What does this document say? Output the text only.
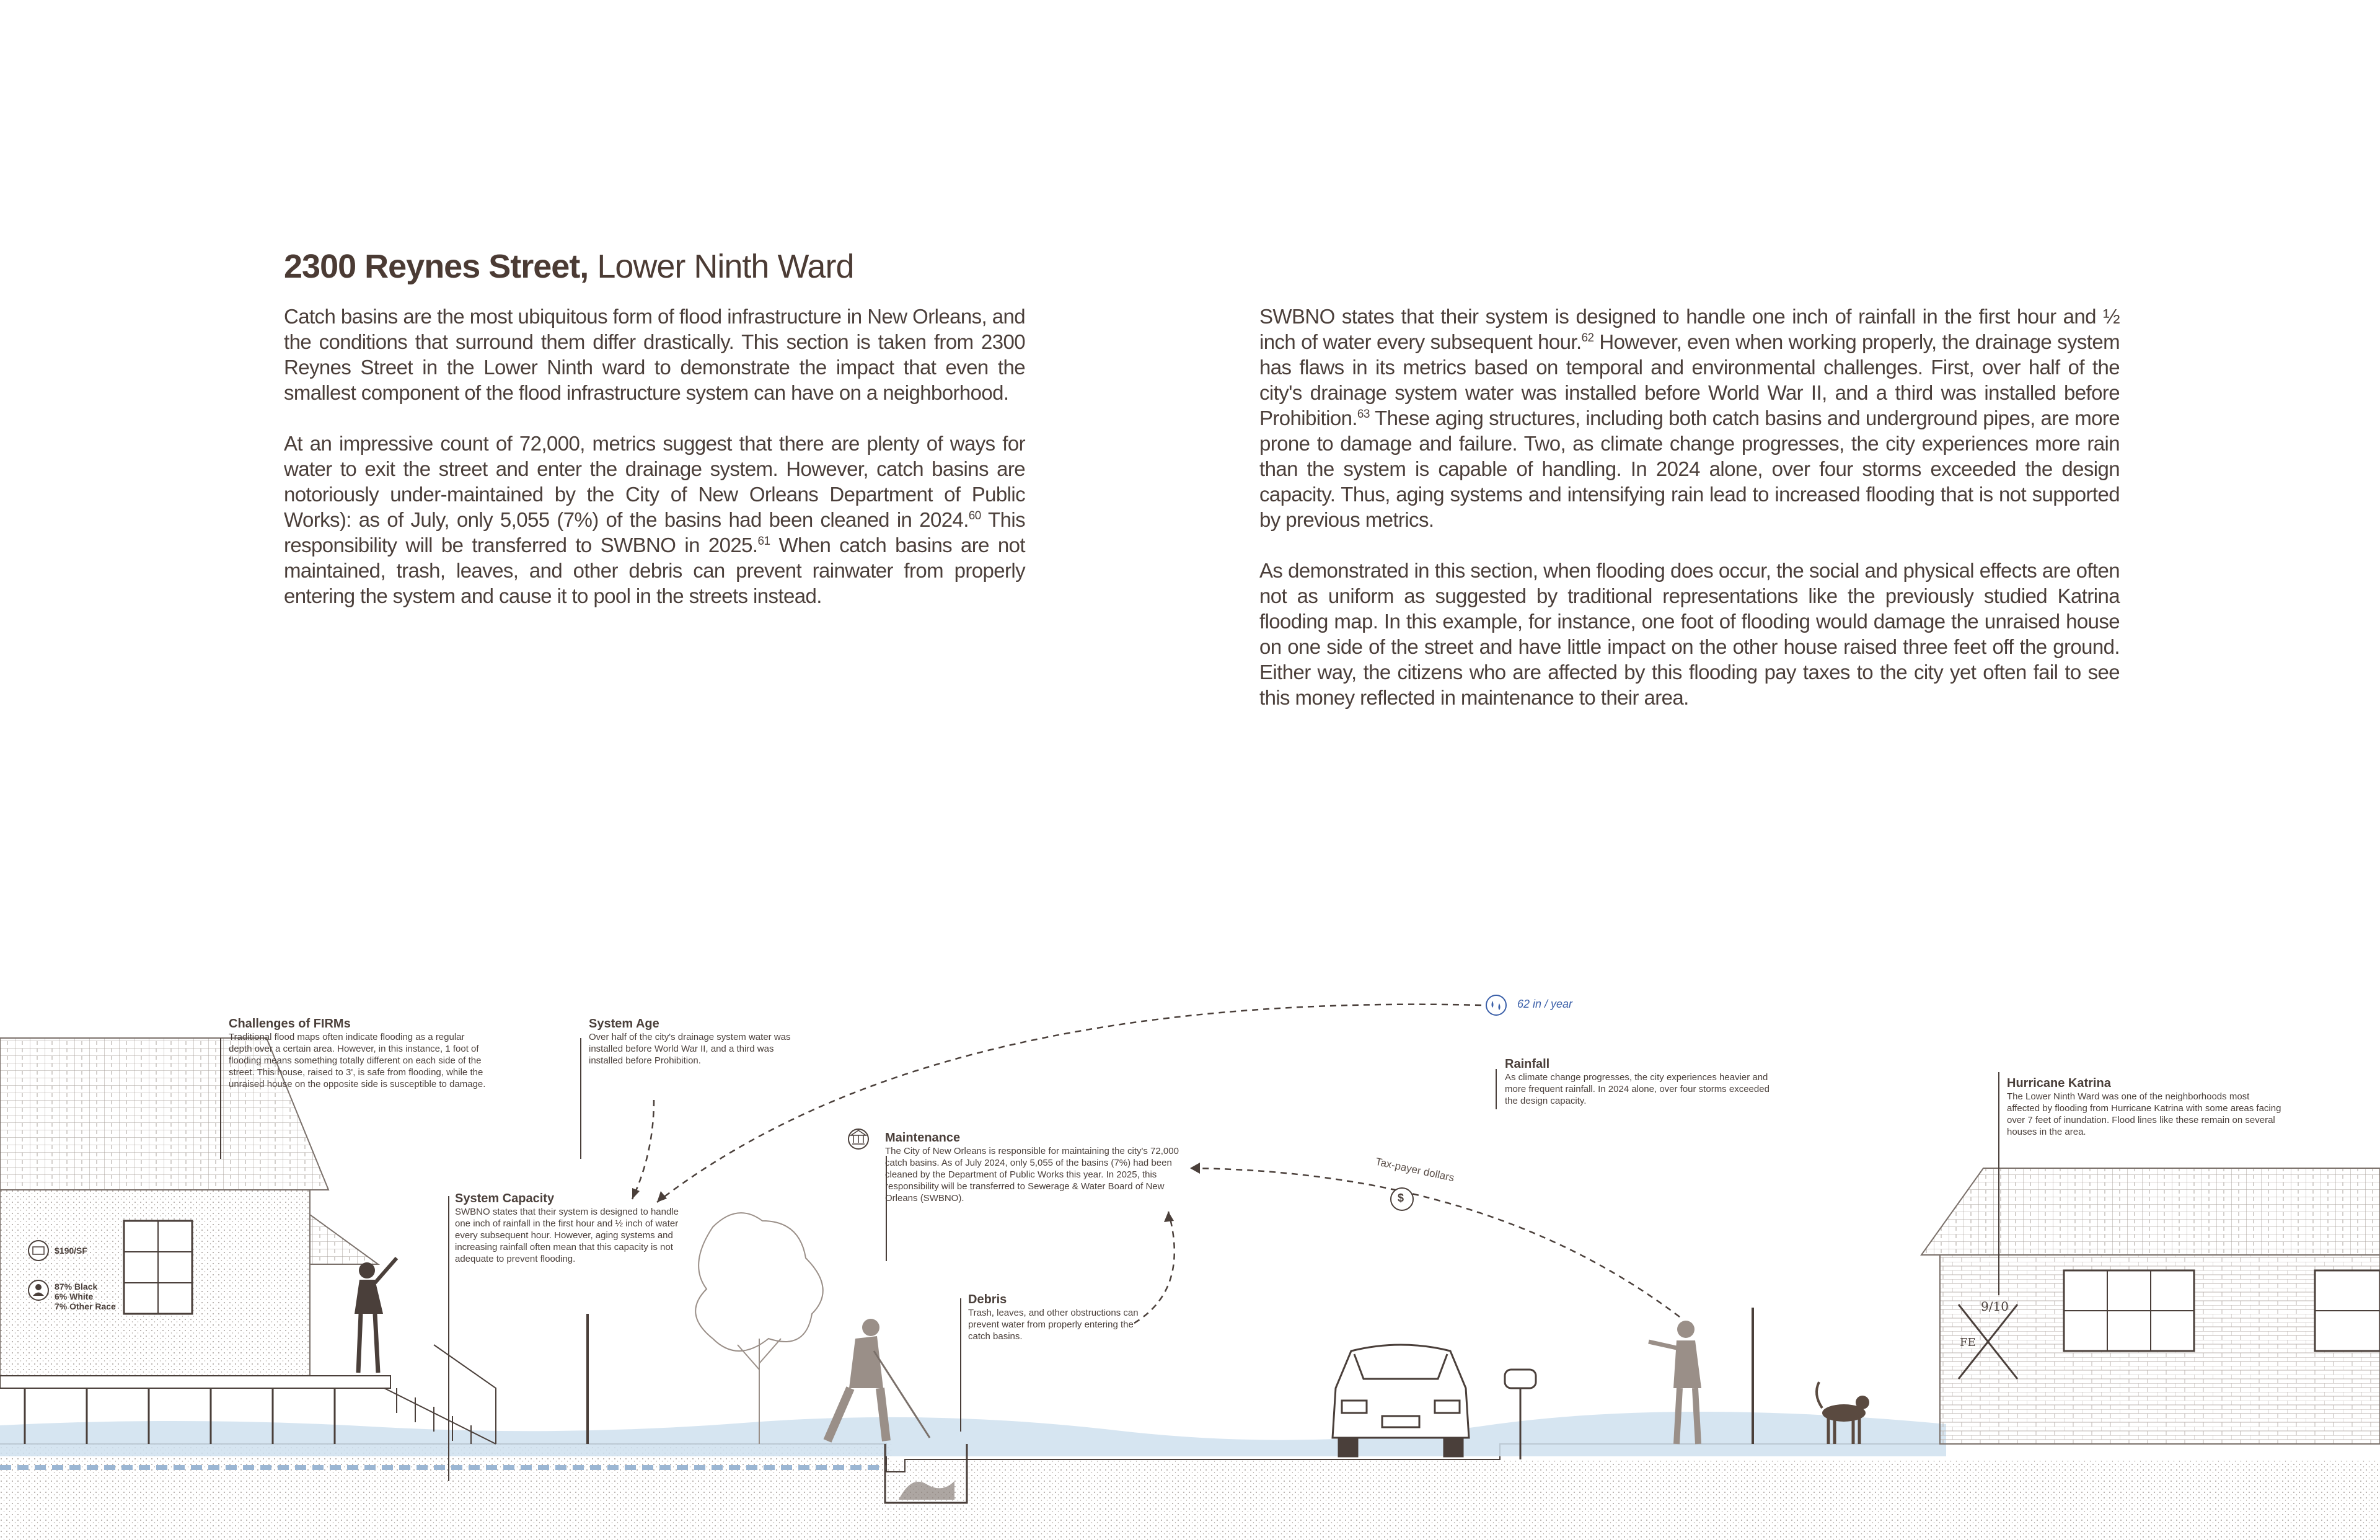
2300 Reynes Street, Lower Ninth Ward

Catch basins are the most ubiquitous form of flood infrastructure in New Orleans, and the conditions that surround them differ drastically. This section is taken from 2300 Reynes Street in the Lower Ninth ward to demonstrate the impact that even the smallest component of the flood infrastructure system can have on a neighborhood.

At an impressive count of 72,000, metrics suggest that there are plenty of ways for water to exit the street and enter the drainage system. However, catch basins are notoriously under-maintained by the City of New Orleans Department of Public Works): as of July, only 5,055 (7%) of the basins had been cleaned in 2024.60 This responsibility will be transferred to SWBNO in 2025.61 When catch basins are not maintained, trash, leaves, and other debris can prevent rainwater from properly entering the system and cause it to pool in the streets instead.

SWBNO states that their system is designed to handle one inch of rainfall in the first hour and ½ inch of water every subsequent hour.$^{62}$ However, even when working properly, the drainage system has flaws in its metrics based on temporal and environmental challenges. First, over half of the city's drainage system water was installed before World War II, and a third was installed before Prohibition.$^{63}$ These aging structures, including both catch basins and underground pipes, are more prone to damage and failure. Two, as climate change progresses, the city experiences more rain than the system is capable of handling. In 2024 alone, over four storms exceeded the design capacity. Thus, aging systems and intensifying rain lead to increased flooding that is not supported by previous metrics.

As demonstrated in this section, when flooding does occur, the social and physical effects are often not as uniform as suggested by traditional representations like the previously studied Katrina flooding map. In this example, for instance, one foot of flooding would damage the unraised house on one side of the street and have little impact on the other house raised three feet off the ground. Either way, the citizens who are affected by this flooding pay taxes to the city yet often fail to see this money reflected in maintenance to their area.

Challenges of FIRMs
Traditional flood maps often indicate flooding as a regular depth over a certain area. However, in this instance, 1 foot of flooding means something totally different on each side of the street. This house, raised to 3', is safe from flooding, while the unraised house on the opposite side is susceptible to damage.
System Age
Over half of the city's drainage system water was installed before World War II, and a third was installed before Prohibition.
System Capacity
SWBNO states that their system is designed to handle one inch of rainfall in the first hour and ½ inch of water every subsequent hour. However, aging systems and increasing rainfall often mean that this capacity is not adequate to prevent flooding.
Maintenance
The City of New Orleans is responsible for maintaining the city's 72,000 catch basins. As of July 2024, only 5,055 of the basins (7%) had been cleaned by the Department of Public Works this year. In 2025, this responsibility will be transferred to Sewerage & Water Board of New Orleans (SWBNO).
Debris
Trash, leaves, and other obstructions can prevent water from properly entering the catch basins.
Rainfall
As climate change progresses, the city experiences heavier and more frequent rainfall. In 2024 alone, over four storms exceeded the design capacity.
Hurricane Katrina
The Lower Ninth Ward was one of the neighborhoods most affected by flooding from Hurricane Katrina with some areas facing over 7 feet of inundation. Flood lines like these remain on several houses in the area.
$190/SF
87% Black
6% White
7% Other Race
62 in / year
Tax-payer dollars
$
9/10
FE
